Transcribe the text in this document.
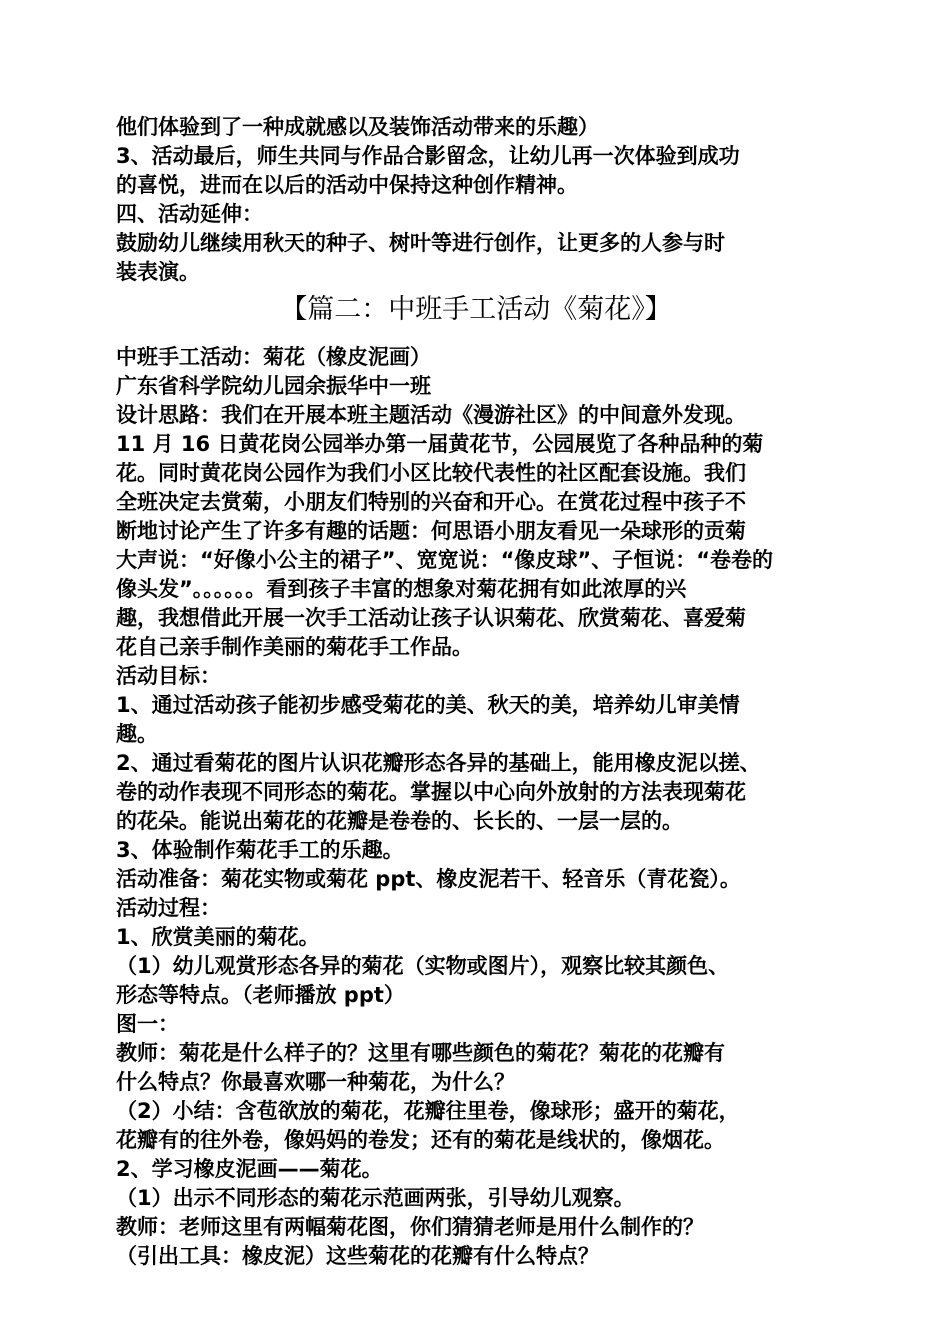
他们体验到了一种成就感以及装饰活动带来的乐趣）
3、活动最后，师生共同与作品合影留念，让幼儿再一次体验到成功
的喜悦，进而在以后的活动中保持这种创作精神。
四、活动延伸：
鼓励幼儿继续用秋天的种子、树叶等进行创作，让更多的人参与时
装表演。
【篇二：中班手工活动《菊花》】
中班手工活动：菊花（橡皮泥画）
广东省科学院幼儿园余振华中一班
设计思路：我们在开展本班主题活动《漫游社区》的中间意外发现。
11 月 16 日黄花岗公园举办第一届黄花节，公园展览了各种品种的菊
花。同时黄花岗公园作为我们小区比较代表性的社区配套设施。我们
全班决定去赏菊，小朋友们特别的兴奋和开心。在赏花过程中孩子不
断地讨论产生了许多有趣的话题：何思语小朋友看见一朵球形的贡菊
大声说：“好像小公主的裙子”、宽宽说：“像皮球”、子恒说：“卷卷的
像头发”。。。。。。看到孩子丰富的想象对菊花拥有如此浓厚的兴
趣，我想借此开展一次手工活动让孩子认识菊花、欣赏菊花、喜爱菊
花自己亲手制作美丽的菊花手工作品。
活动目标：
1、通过活动孩子能初步感受菊花的美、秋天的美，培养幼儿审美情
趣。
2、通过看菊花的图片认识花瓣形态各异的基础上，能用橡皮泥以搓、
卷的动作表现不同形态的菊花。掌握以中心向外放射的方法表现菊花
的花朵。能说出菊花的花瓣是卷卷的、长长的、一层一层的。
3、体验制作菊花手工的乐趣。
活动准备：菊花实物或菊花 ppt、橡皮泥若干、轻音乐（青花瓷）。
活动过程：
1、欣赏美丽的菊花。
（1）幼儿观赏形态各异的菊花（实物或图片），观察比较其颜色、
形态等特点。（老师播放 ppt）
图一：
教师：菊花是什么样子的？这里有哪些颜色的菊花？菊花的花瓣有
什么特点？你最喜欢哪一种菊花，为什么？
（2）小结：含苞欲放的菊花，花瓣往里卷，像球形；盛开的菊花，
花瓣有的往外卷，像妈妈的卷发；还有的菊花是线状的，像烟花。
2、学习橡皮泥画——菊花。
（1）出示不同形态的菊花示范画两张，引导幼儿观察。
教师：老师这里有两幅菊花图，你们猜猜老师是用什么制作的？
（引出工具：橡皮泥）这些菊花的花瓣有什么特点？
